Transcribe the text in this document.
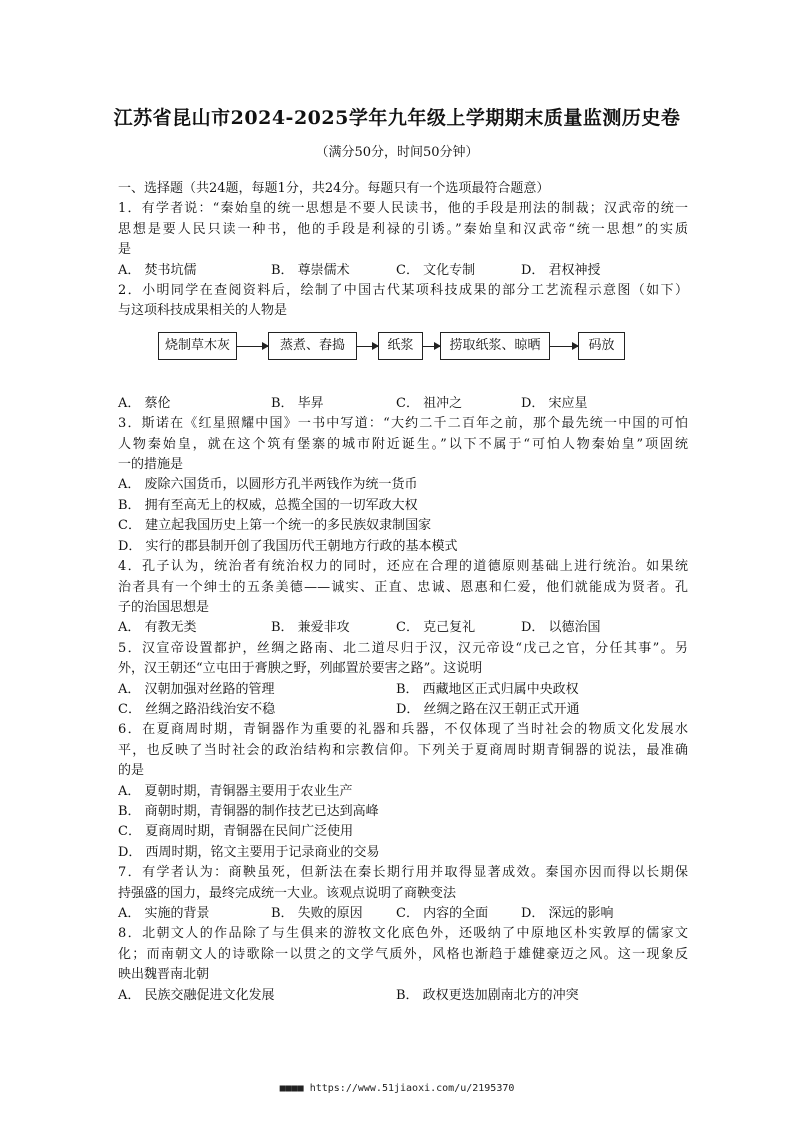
江苏省昆山市2024-2025学年九年级上学期期末质量监测历史卷
（满分50分，时间50分钟）
一、选择题（共24题，每题1分，共24分。每题只有一个选项最符合题意）
1．有学者说：“秦始皇的统一思想是不要人民读书，他的手段是刑法的制裁；汉武帝的统一
思想是要人民只读一种书，他的手段是利禄的引诱。”秦始皇和汉武帝“统一思想”的实质
是
A． 焚书坑儒	B． 尊崇儒术	C． 文化专制	D． 君权神授
2．小明同学在查阅资料后，绘制了中国古代某项科技成果的部分工艺流程示意图（如下）
与这项科技成果相关的人物是
烧制草木灰	蒸煮、舂捣	纸浆	捞取纸浆、晾晒	码放
A． 蔡伦	B． 毕昇	C． 祖冲之	D． 宋应星
3．斯诺在《红星照耀中国》一书中写道：“大约二千二百年之前，那个最先统一中国的可怕
人物秦始皇，就在这个筑有堡寨的城市附近诞生。”以下不属于“可怕人物秦始皇”项固统
一的措施是
A． 废除六国货币，以圆形方孔半两钱作为统一货币
B． 拥有至高无上的权威，总揽全国的一切军政大权
C． 建立起我国历史上第一个统一的多民族奴隶制国家
D． 实行的郡县制开创了我国历代王朝地方行政的基本模式
4．孔子认为，统治者有统治权力的同时，还应在合理的道德原则基础上进行统治。如果统
治者具有一个绅士的五条美德——诚实、正直、忠诚、恩惠和仁爱，他们就能成为贤者。孔
子的治国思想是
A． 有教无类	B． 兼爱非攻	C． 克己复礼	D． 以德治国
5．汉宣帝设置都护，丝绸之路南、北二道尽归于汉，汉元帝设“戊己之官，分任其事”。另
外，汉王朝还“立屯田于膏腴之野，列邮置於要害之路”。这说明
A． 汉朝加强对丝路的管理	B． 西藏地区正式归属中央政权
C． 丝绸之路沿线治安不稳	D． 丝绸之路在汉王朝正式开通
6．在夏商周时期，青铜器作为重要的礼器和兵器，不仅体现了当时社会的物质文化发展水
平，也反映了当时社会的政治结构和宗教信仰。下列关于夏商周时期青铜器的说法，最准确
的是
A． 夏朝时期，青铜器主要用于农业生产
B． 商朝时期，青铜器的制作技艺已达到高峰
C． 夏商周时期，青铜器在民间广泛使用
D． 西周时期，铭文主要用于记录商业的交易
7．有学者认为：商鞅虽死，但新法在秦长期行用并取得显著成效。秦国亦因而得以长期保
持强盛的国力，最终完成统一大业。该观点说明了商鞅变法
A． 实施的背景	B． 失败的原因	C． 内容的全面	D． 深远的影响
8．北朝文人的作品除了与生俱来的游牧文化底色外，还吸纳了中原地区朴实敦厚的儒家文
化；而南朝文人的诗歌除一以贯之的文学气质外，风格也渐趋于雄健豪迈之风。这一现象反
映出魏晋南北朝
A． 民族交融促进文化发展	B． 政权更迭加剧南北方的冲突
■■■■ https://www.51jiaoxi.com/u/2195370
